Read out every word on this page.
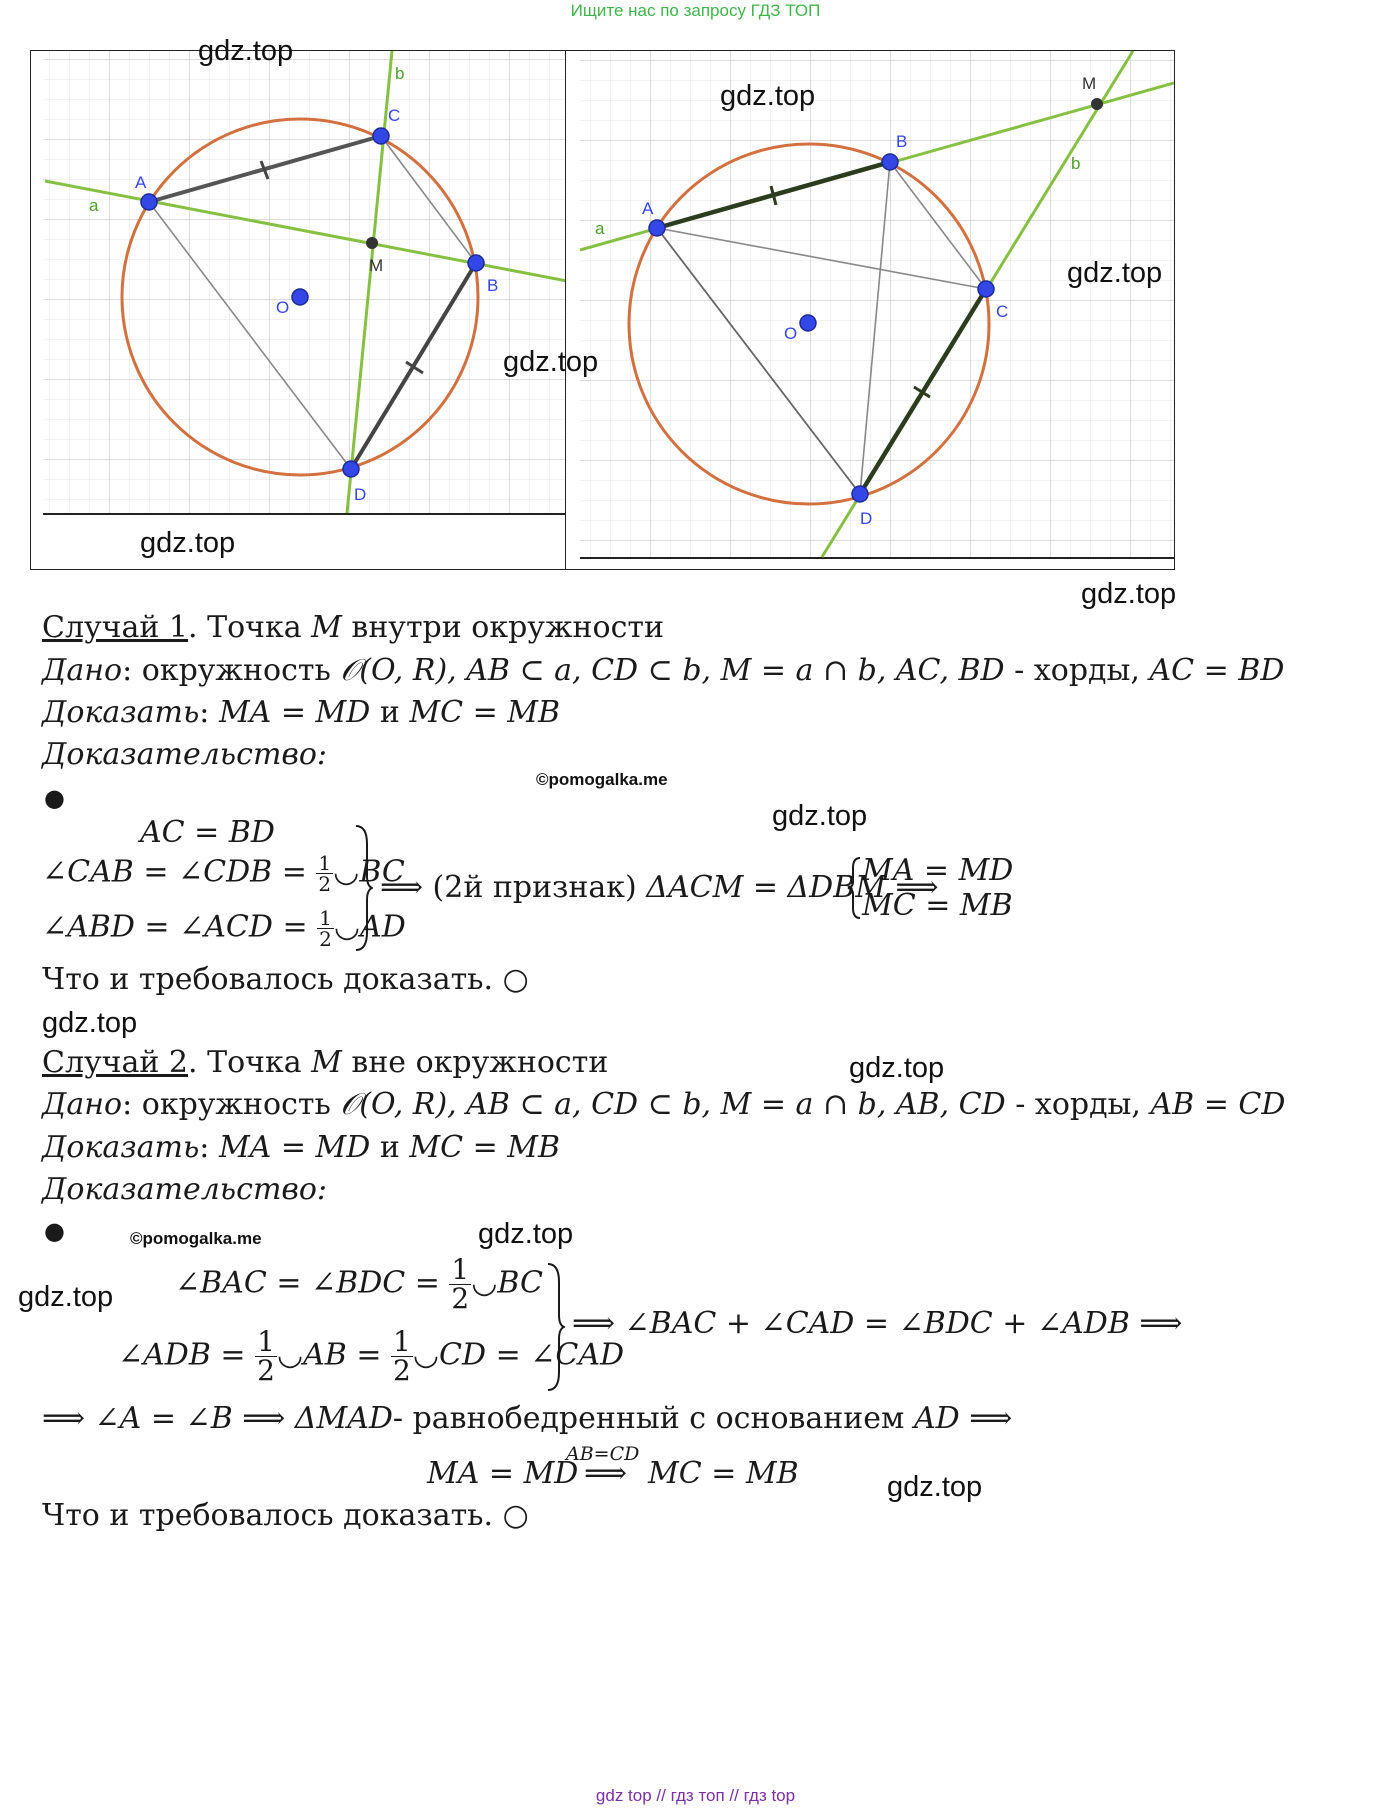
Ищите нас по запросу ГДЗ ТОП
a
b
A
C
B
D
O
M
a
b
A
B
C
D
O
M
gdz.top
gdz.top
gdz.top
gdz.top
gdz.top
gdz.top
Случай 1. Точка M внутри окружности
Дано: окружность 𝒪(O, R), AB ⊂ a, CD ⊂ b, M = a ∩ b, AC, BD - хорды, AC = BD
Доказать: MA = MD и MC = MB
Доказательство:
©pomogalka.me
●
gdz.top
AC = BD
∠CAB = ∠CDB = $\frac{1}{2}$ ◡BC
∠ABD = ∠ACD = $\frac{1}{2}$ ◡AD
⟹ (2й признак) ΔACM = ΔDBM ⟹
MA = MD
MC = MB
Что и требовалось доказать. ○
gdz.top
Случай 2. Точка M вне окружности	gdz.top
Дано: окружность 𝒪(O, R), AB ⊂ a, CD ⊂ b, M = a ∩ b, AB, CD - хорды, AB = CD
Доказать: MA = MD и MC = MB
Доказательство:
●	©pomogalka.me	gdz.top
gdz.top ∠BAC = ∠BDC = $\frac{1}{2}$ ◡BC
∠ADB = $\frac{1}{2}$ ◡AB = $\frac{1}{2}$ ◡CD = ∠CAD
⟹ ∠BAC + ∠CAD = ∠BDC + ∠ADB ⟹
⟹ ∠A = ∠B ⟹ ΔMAD- равнобедренный с основанием AD ⟹
MA = MD
AB=CD
⟹ MC = MB	gdz.top
Что и требовалось доказать. ○
gdz top // гдз топ // гдз top
